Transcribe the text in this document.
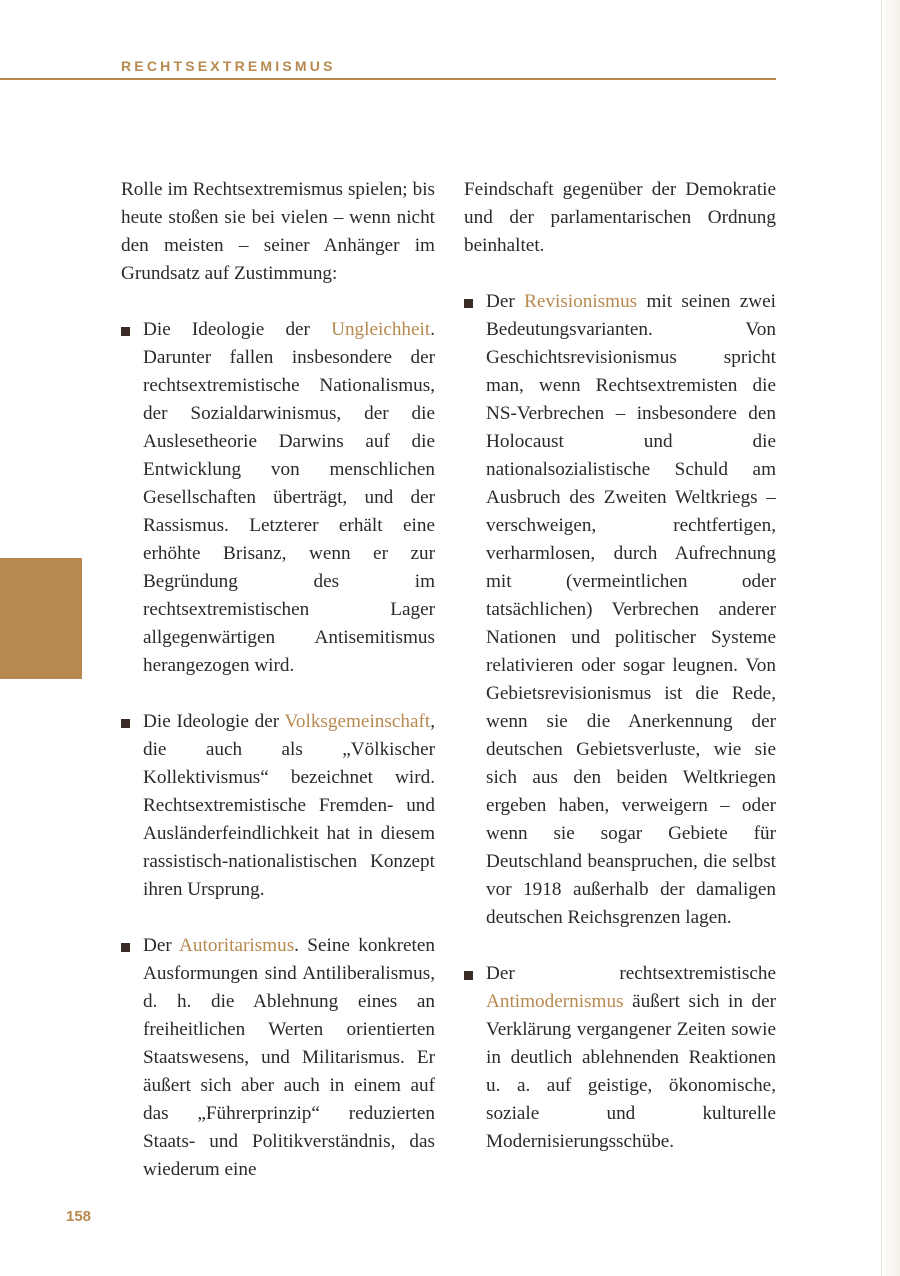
RECHTSEXTREMISMUS

Rolle im Rechtsextremismus spielen; bis heute stoßen sie bei vielen – wenn nicht den meisten – seiner Anhänger im Grundsatz auf Zustimmung:

Die Ideologie der Ungleichheit. Darunter fallen insbesondere der rechtsextremistische Nationalismus, der Sozialdarwinismus, der die Auslesetheorie Darwins auf die Entwicklung von menschlichen Gesellschaften überträgt, und der Rassismus. Letzterer erhält eine erhöhte Brisanz, wenn er zur Begründung des im rechtsextremistischen Lager allgegenwärtigen Antisemitismus herangezogen wird.

Die Ideologie der Volksgemeinschaft, die auch als „Völkischer Kollektivismus“ bezeichnet wird. Rechtsextremistische Fremden- und Ausländerfeindlichkeit hat in diesem rassistisch-nationalistischen Konzept ihren Ursprung.

Der Autoritarismus. Seine konkreten Ausformungen sind Antiliberalismus, d. h. die Ablehnung eines an freiheitlichen Werten orientierten Staatswesens, und Militarismus. Er äußert sich aber auch in einem auf das „Führerprinzip“ reduzierten Staats- und Politikverständnis, das wiederum eine

Feindschaft gegenüber der Demokratie und der parlamentarischen Ordnung beinhaltet.

Der Revisionismus mit seinen zwei Bedeutungsvarianten. Von Geschichtsrevisionismus spricht man, wenn Rechtsextremisten die NS-Verbrechen – insbesondere den Holocaust und die nationalsozialistische Schuld am Ausbruch des Zweiten Weltkriegs – verschweigen, rechtfertigen, verharmlosen, durch Aufrechnung mit (vermeintlichen oder tatsächlichen) Verbrechen anderer Nationen und politischer Systeme relativieren oder sogar leugnen. Von Gebietsrevisionismus ist die Rede, wenn sie die Anerkennung der deutschen Gebietsverluste, wie sie sich aus den beiden Weltkriegen ergeben haben, verweigern – oder wenn sie sogar Gebiete für Deutschland beanspruchen, die selbst vor 1918 außerhalb der damaligen deutschen Reichsgrenzen lagen.

Der rechtsextremistische Antimodernismus äußert sich in der Verklärung vergangener Zeiten sowie in deutlich ablehnenden Reaktionen u. a. auf geistige, ökonomische, soziale und kulturelle Modernisierungsschübe.

158
